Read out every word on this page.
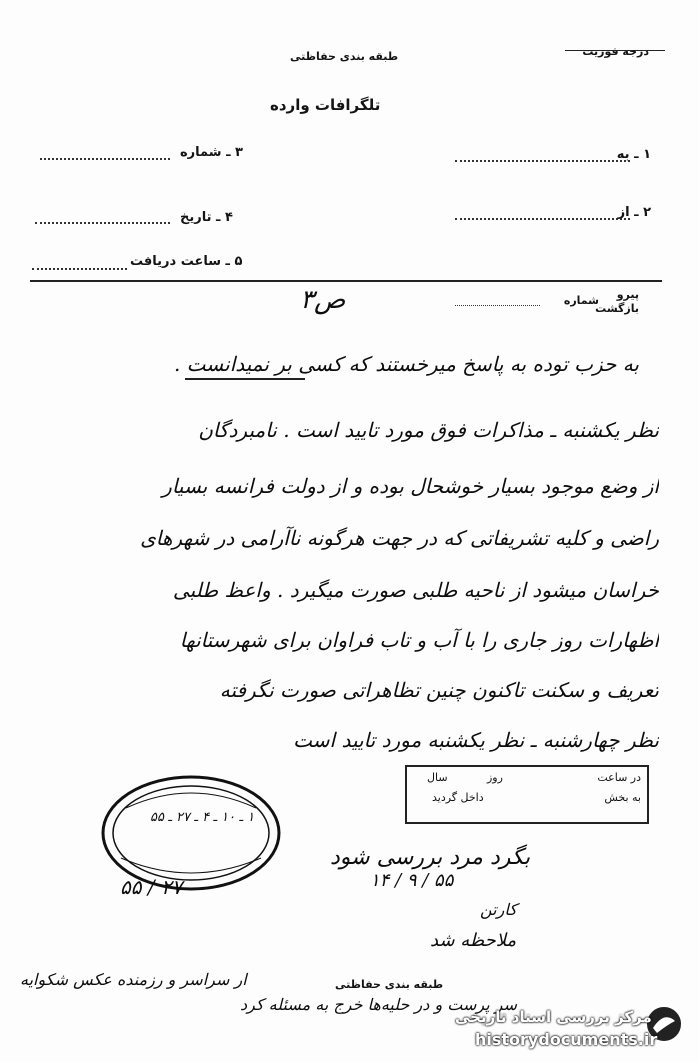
درجه فوریت
طبقه بندی حفاظتی
تلگرافات وارده
۱ ـ به
۳ ـ شماره
۲ ـ از
۴ ـ تاریخ
۵ ـ ساعت دریافت
پیرو
بازگشت
شماره
ص۳
به حزب توده به پاسخ میرخستند که کسی بر نمیدانست .
نظر یکشنبه ـ مذاکرات فوق مورد تایید است . نامبردگان
از وضع موجود بسیار خوشحال بوده و از دولت فرانسه بسیار
راضی و کلیه تشریفاتی که در جهت هرگونه ناآرامی در شهرهای
خراسان میشود از ناحیه طلبی صورت میگیرد . واعظ طلبی
اظهارات روز جاری را با آب و تاب فراوان برای شهرستانها
تعریف و سکنت تاکنون چنین تظاهراتی صورت نگرفته
نظر چهارشنبه ـ نظر یکشنبه مورد تایید است
۱ ـ ۱۰ ـ ۴ ـ ۲۷ ـ ۵۵
در ساعت
روز
سال
به بخش
داخل گردید
بگرد مرد بررسی شود
۲۷ / ۵۵	۵۵ / ۹ / ۱۴
کارتن
ملاحظه شد
طبقه بندی حفاظتی
ار سراسر و رزمنده عکس شکوایه
سر پرست و در حلیه‌ها خرج به مسئله کرد
مرکز بررسی اسناد تاریخی
historydocuments.ir
